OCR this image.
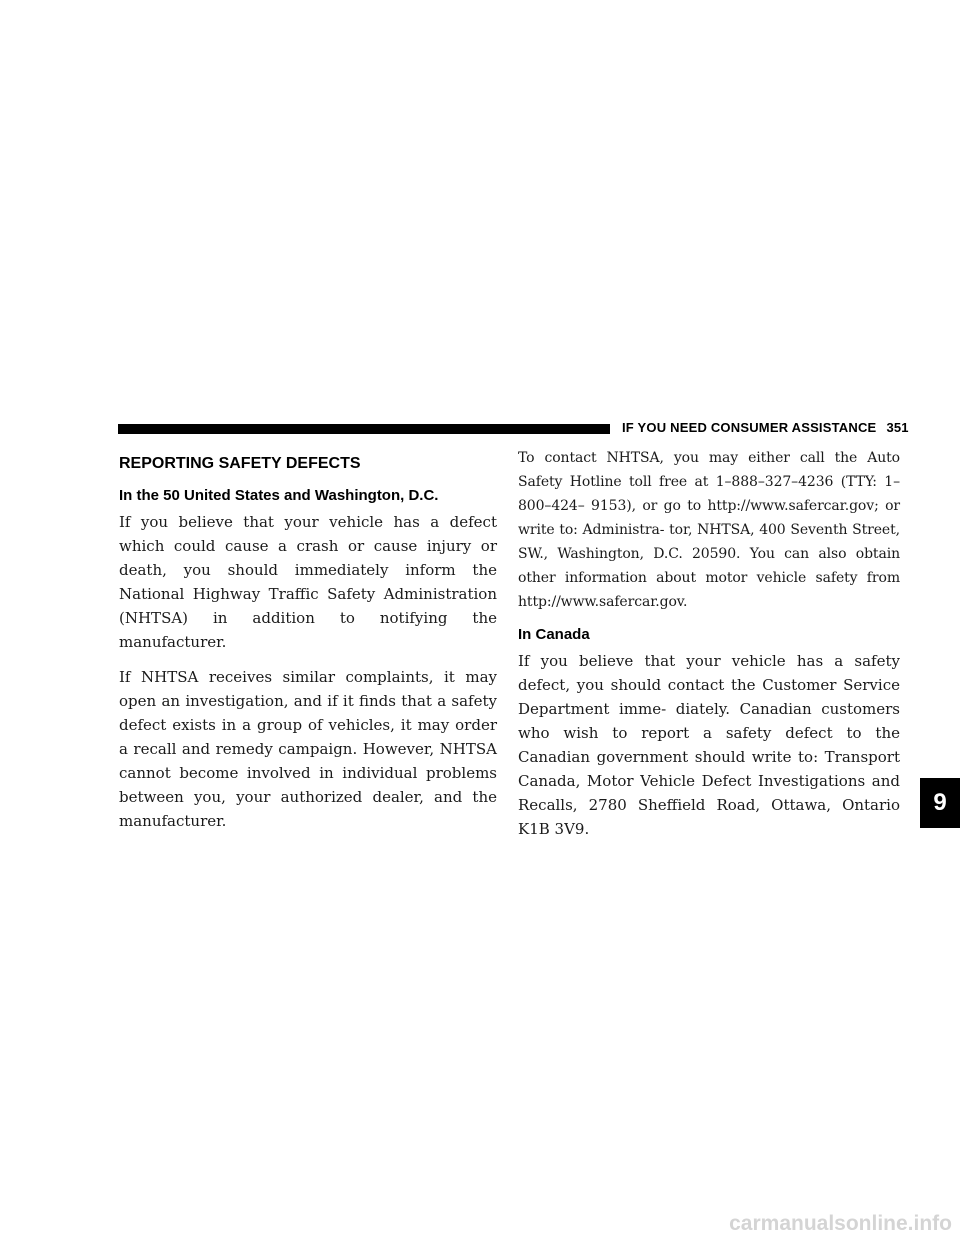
IF YOU NEED CONSUMER ASSISTANCE 351
REPORTING SAFETY DEFECTS
In the 50 United States and Washington, D.C.

If you believe that your vehicle has a defect which could cause a crash or cause injury or death, you should immediately inform the National Highway Traffic Safety Administration (NHTSA) in addition to notifying the manufacturer.

If NHTSA receives similar complaints, it may open an investigation, and if it finds that a safety defect exists in a group of vehicles, it may order a recall and remedy campaign. However, NHTSA cannot become involved in individual problems between you, your authorized dealer, and the manufacturer.

To contact NHTSA, you may either call the Auto Safety Hotline toll free at 1–888–327–4236 (TTY: 1–800–424– 9153), or go to http://www.safercar.gov; or write to: Administra- tor, NHTSA, 400 Seventh Street, SW., Washington, D.C. 20590. You can also obtain other information about motor vehicle safety from http://www.safercar.gov.

In Canada

If you believe that your vehicle has a safety defect, you should contact the Customer Service Department imme- diately. Canadian customers who wish to report a safety defect to the Canadian government should write to: Transport Canada, Motor Vehicle Defect Investigations and Recalls, 2780 Sheffield Road, Ottawa, Ontario K1B 3V9.

9
carmanualsonline.info
